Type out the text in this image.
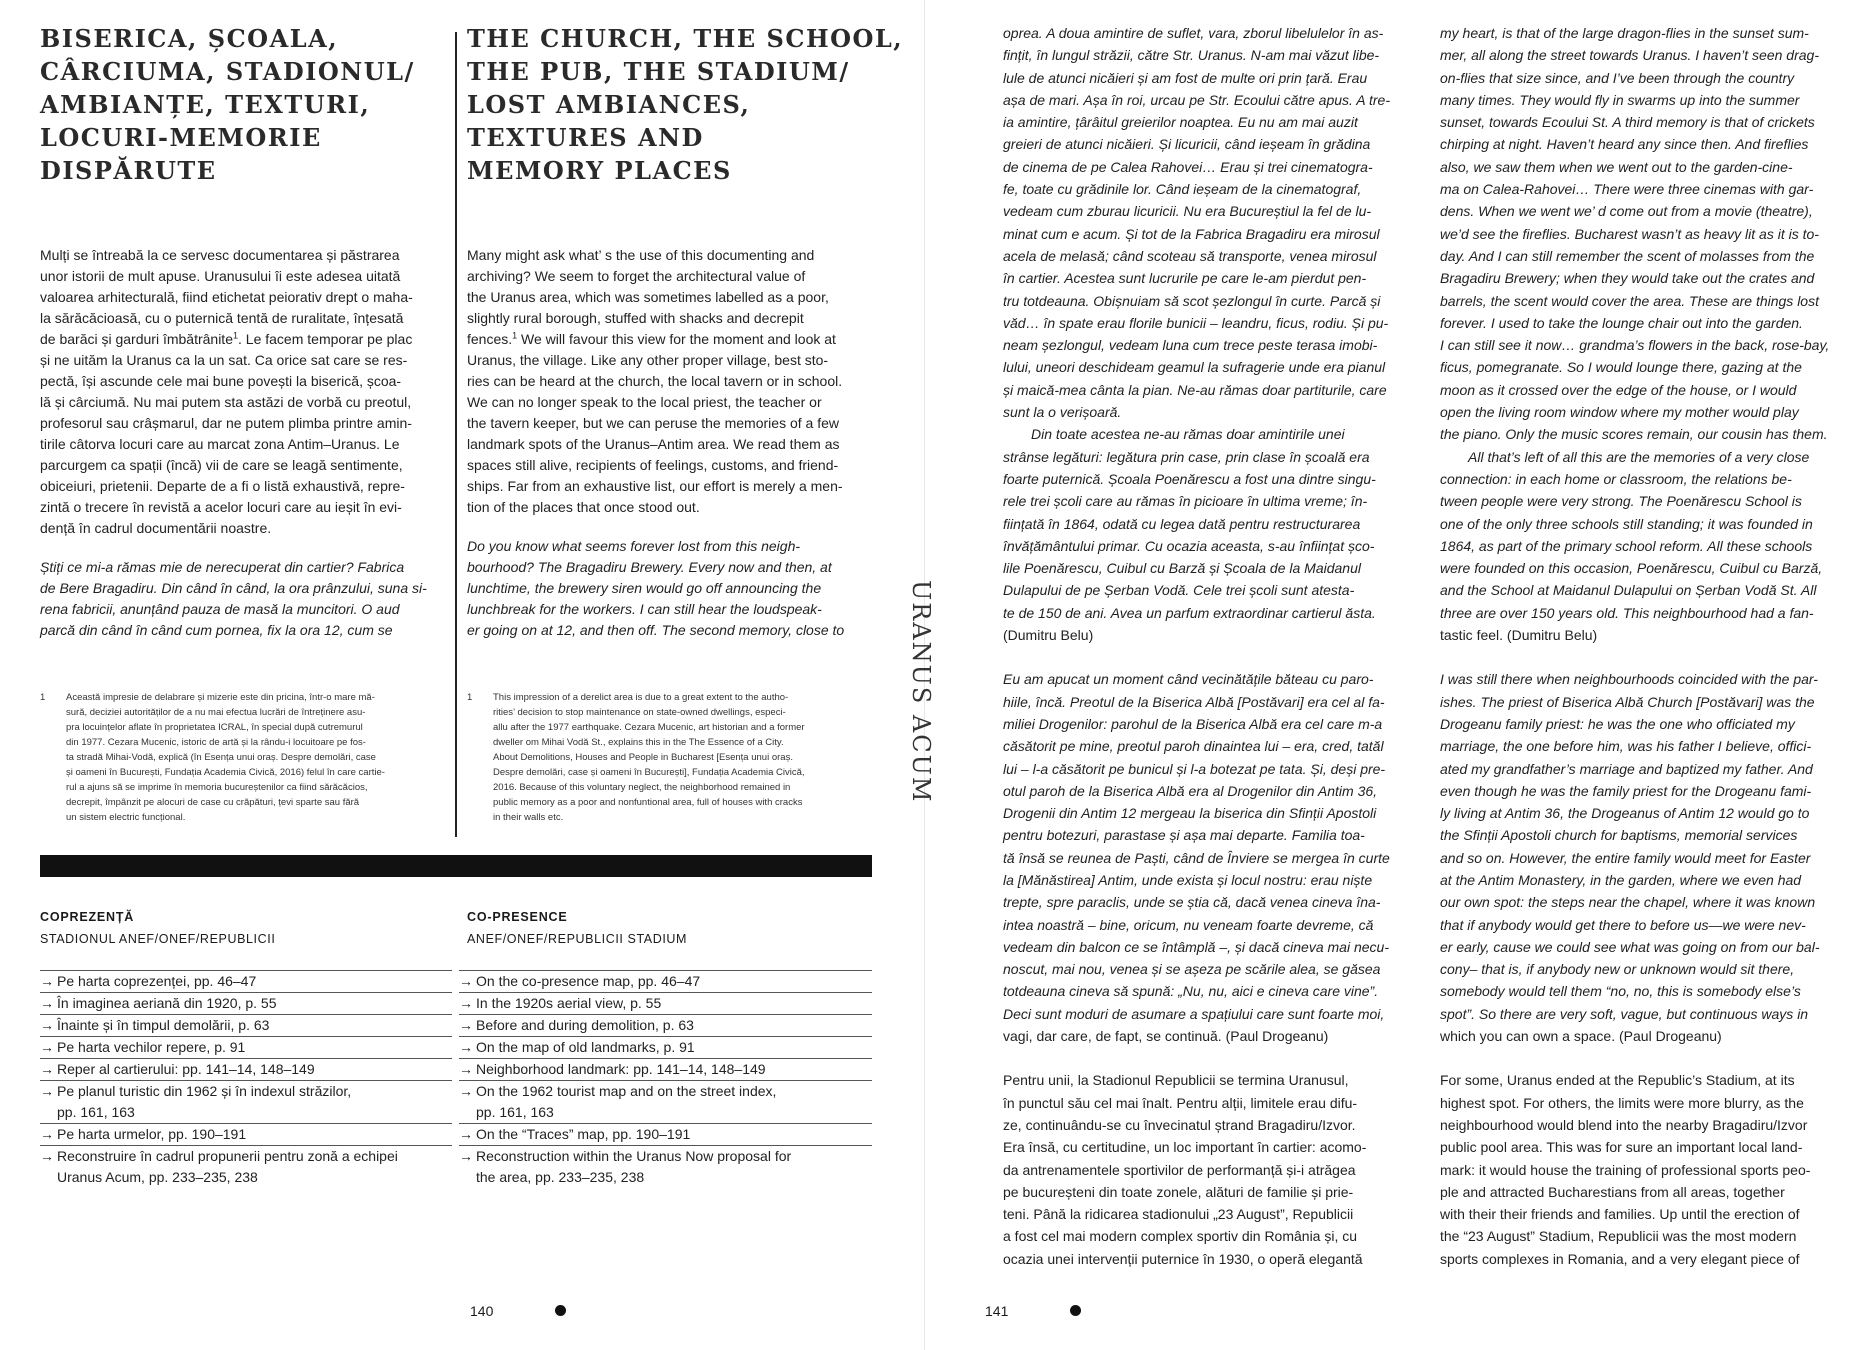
BISERICA, ȘCOALA,
CÂRCIUMA, STADIONUL/
AMBIANȚE, TEXTURI,
LOCURI-MEMORIE
DISPĂRUTE
THE CHURCH, THE SCHOOL,
THE PUB, THE STADIUM/
LOST AMBIANCES,
TEXTURES AND
MEMORY PLACES
Mulți se întreabă la ce servesc documentarea și păstrarea
unor istorii de mult apuse. Uranusului îi este adesea uitată
valoarea arhitecturală, fiind etichetat peiorativ drept o maha-
la sărăcăcioasă, cu o puternică tentă de ruralitate, înțesată
de barăci și garduri îmbătrânite$^1$. Le facem temporar pe plac
și ne uităm la Uranus ca la un sat. Ca orice sat care se res-
pectă, își ascunde cele mai bune povești la biserică, școa-
lă și cârciumă. Nu mai putem sta astăzi de vorbă cu preotul,
profesorul sau crâșmarul, dar ne putem plimba printre amin-
tirile câtorva locuri care au marcat zona Antim–Uranus. Le
parcurgem ca spații (încă) vii de care se leagă sentimente,
obiceiuri, prietenii. Departe de a fi o listă exhaustivă, repre-
zintă o trecere în revistă a acelor locuri care au ieșit în evi-
dență în cadrul documentării noastre.
Știți ce mi-a rămas mie de nerecuperat din cartier? Fabrica
de Bere Bragadiru. Din când în când, la ora prânzului, suna si-
rena fabricii, anunțând pauza de masă la muncitori. O aud
parcă din când în când cum pornea, fix la ora 12, cum se
Many might ask what’ s the use of this documenting and
archiving? We seem to forget the architectural value of
the Uranus area, which was sometimes labelled as a poor,
slightly rural borough, stuffed with shacks and decrepit
fences.$^1$ We will favour this view for the moment and look at
Uranus, the village. Like any other proper village, best sto-
ries can be heard at the church, the local tavern or in school.
We can no longer speak to the local priest, the teacher or
the tavern keeper, but we can peruse the memories of a few
landmark spots of the Uranus–Antim area. We read them as
spaces still alive, recipients of feelings, customs, and friend-
ships. Far from an exhaustive list, our effort is merely a men-
tion of the places that once stood out.
Do you know what seems forever lost from this neigh-
bourhood? The Bragadiru Brewery. Every now and then, at
lunchtime, the brewery siren would go off announcing the
lunchbreak for the workers. I can still hear the loudspeak-
er going on at 12, and then off. The second memory, close to
1 Această impresie de delabrare și mizerie este din pricina, într-o mare mă-
sură, deciziei autorităților de a nu mai efectua lucrări de întreținere asu-
pra locuințelor aflate în proprietatea ICRAL, în special după cutremurul
din 1977. Cezara Mucenic, istoric de artă și la rându-i locuitoare pe fos-
ta stradă Mihai-Vodă, explică (în Esența unui oraș. Despre demolări, case
și oameni în București, Fundația Academia Civică, 2016) felul în care cartie-
rul a ajuns să se imprime în memoria bucureștenilor ca fiind sărăcăcios,
decrepit, împânzit pe alocuri de case cu crăpături, țevi sparte sau fără
un sistem electric funcțional.
1 This impression of a derelict area is due to a great extent to the autho-
rities’ decision to stop maintenance on state-owned dwellings, especi-
allu after the 1977 earthquake. Cezara Mucenic, art historian and a former
dweller om Mihai Vodă St., explains this in the The Essence of a City.
About Demolitions, Houses and People in Bucharest [Esența unui oraș.
Despre demolări, case și oameni în București], Fundația Academia Civică,
2016. Because of this voluntary neglect, the neighborhood remained in
public memory as a poor and nonfuntional area, full of houses with cracks
in their walls etc.
COPREZENȚĂ
STADIONUL ANEF/ONEF/REPUBLICII
CO-PRESENCE
ANEF/ONEF/REPUBLICII STADIUM
→ Pe harta coprezenței, pp. 46–47
→ În imaginea aeriană din 1920, p. 55
→ Înainte și în timpul demolării, p. 63
→ Pe harta vechilor repere, p. 91
→ Reper al cartierului: pp. 141–14, 148–149
→ Pe planul turistic din 1962 și în indexul străzilor,
pp. 161, 163
→ Pe harta urmelor, pp. 190–191
→ Reconstruire în cadrul propunerii pentru zonă a echipei
Uranus Acum, pp. 233–235, 238
→ On the co-presence map, pp. 46–47
→ In the 1920s aerial view, p. 55
→ Before and during demolition, p. 63
→ On the map of old landmarks, p. 91
→ Neighborhood landmark: pp. 141–14, 148–149
→ On the 1962 tourist map and on the street index,
pp. 161, 163
→ On the “Traces” map, pp. 190–191
→ Reconstruction within the Uranus Now proposal for
the area, pp. 233–235, 238
140
URANUS ACUM
oprea. A doua amintire de suflet, vara, zborul libelulelor în as-
fințit, în lungul străzii, către Str. Uranus. N-am mai văzut libe-
lule de atunci nicăieri și am fost de multe ori prin țară. Erau
așa de mari. Așa în roi, urcau pe Str. Ecoului către apus. A tre-
ia amintire, țârâitul greierilor noaptea. Eu nu am mai auzit
greieri de atunci nicăieri. Și licuricii, când ieșeam în grădina
de cinema de pe Calea Rahovei… Erau și trei cinematogra-
fe, toate cu grădinile lor. Când ieșeam de la cinematograf,
vedeam cum zburau licuricii. Nu era Bucureștiul la fel de lu-
minat cum e acum. Și tot de la Fabrica Bragadiru era mirosul
acela de melasă; când scoteau să transporte, venea mirosul
în cartier. Acestea sunt lucrurile pe care le-am pierdut pen-
tru totdeauna. Obișnuiam să scot șezlongul în curte. Parcă și
văd… în spate erau florile bunicii – leandru, ficus, rodiu. Și pu-
neam șezlongul, vedeam luna cum trece peste terasa imobi-
lului, uneori deschideam geamul la sufragerie unde era pianul
și maică-mea cânta la pian. Ne-au rămas doar partiturile, care
sunt la o verișoară.
Din toate acestea ne-au rămas doar amintirile unei
strânse legături: legătura prin case, prin clase în școală era
foarte puternică. Școala Poenărescu a fost una dintre singu-
rele trei școli care au rămas în picioare în ultima vreme; în-
ființată în 1864, odată cu legea dată pentru restructurarea
învățământului primar. Cu ocazia aceasta, s-au înființat șco-
lile Poenărescu, Cuibul cu Barză și Școala de la Maidanul
Dulapului de pe Șerban Vodă. Cele trei școli sunt atesta-
te de 150 de ani. Avea un parfum extraordinar cartierul ăsta.
(Dumitru Belu)
Eu am apucat un moment când vecinătățile băteau cu paro-
hiile, încă. Preotul de la Biserica Albă [Postăvari] era cel al fa-
miliei Drogenilor: parohul de la Biserica Albă era cel care m-a
căsătorit pe mine, preotul paroh dinaintea lui – era, cred, tatăl
lui – l-a căsătorit pe bunicul și l-a botezat pe tata. Și, deși pre-
otul paroh de la Biserica Albă era al Drogenilor din Antim 36,
Drogenii din Antim 12 mergeau la biserica din Sfinții Apostoli
pentru botezuri, parastase și așa mai departe. Familia toa-
tă însă se reunea de Paști, când de Înviere se mergea în curte
la [Mănăstirea] Antim, unde exista și locul nostru: erau niște
trepte, spre paraclis, unde se știa că, dacă venea cineva îna-
intea noastră – bine, oricum, nu veneam foarte devreme, că
vedeam din balcon ce se întâmplă –, și dacă cineva mai necu-
noscut, mai nou, venea și se așeza pe scările alea, se găsea
totdeauna cineva să spună: „Nu, nu, aici e cineva care vine”.
Deci sunt moduri de asumare a spațiului care sunt foarte moi,
vagi, dar care, de fapt, se continuă. (Paul Drogeanu)
Pentru unii, la Stadionul Republicii se termina Uranusul,
în punctul său cel mai înalt. Pentru alții, limitele erau difu-
ze, continuându-se cu învecinatul ștrand Bragadiru/Izvor.
Era însă, cu certitudine, un loc important în cartier: acomo-
da antrenamentele sportivilor de performanță și-i atrăgea
pe bucureșteni din toate zonele, alături de familie și prie-
teni. Până la ridicarea stadionului „23 August”, Republicii
a fost cel mai modern complex sportiv din România și, cu
ocazia unei intervenții puternice în 1930, o operă elegantă
my heart, is that of the large dragon-flies in the sunset sum-
mer, all along the street towards Uranus. I haven’t seen drag-
on-flies that size since, and I’ve been through the country
many times. They would fly in swarms up into the summer
sunset, towards Ecoului St. A third memory is that of crickets
chirping at night. Haven’t heard any since then. And fireflies
also, we saw them when we went out to the garden-cine-
ma on Calea-Rahovei… There were three cinemas with gar-
dens. When we went we’ d come out from a movie (theatre),
we’d see the fireflies. Bucharest wasn’t as heavy lit as it is to-
day. And I can still remember the scent of molasses from the
Bragadiru Brewery; when they would take out the crates and
barrels, the scent would cover the area. These are things lost
forever. I used to take the lounge chair out into the garden.
I can still see it now… grandma’s flowers in the back, rose-bay,
ficus, pomegranate. So I would lounge there, gazing at the
moon as it crossed over the edge of the house, or I would
open the living room window where my mother would play
the piano. Only the music scores remain, our cousin has them.
All that’s left of all this are the memories of a very close
connection: in each home or classroom, the relations be-
tween people were very strong. The Poenărescu School is
one of the only three schools still standing; it was founded in
1864, as part of the primary school reform. All these schools
were founded on this occasion, Poenărescu, Cuibul cu Barză,
and the School at Maidanul Dulapului on Șerban Vodă St. All
three are over 150 years old. This neighbourhood had a fan-
tastic feel. (Dumitru Belu)
I was still there when neighbourhoods coincided with the par-
ishes. The priest of Biserica Albă Church [Postăvari] was the
Drogeanu family priest: he was the one who officiated my
marriage, the one before him, was his father I believe, offici-
ated my grandfather’s marriage and baptized my father. And
even though he was the family priest for the Drogeanu fami-
ly living at Antim 36, the Drogeanus of Antim 12 would go to
the Sfinții Apostoli church for baptisms, memorial services
and so on. However, the entire family would meet for Easter
at the Antim Monastery, in the garden, where we even had
our own spot: the steps near the chapel, where it was known
that if anybody would get there to before us—we were nev-
er early, cause we could see what was going on from our bal-
cony– that is, if anybody new or unknown would sit there,
somebody would tell them “no, no, this is somebody else’s
spot”. So there are very soft, vague, but continuous ways in
which you can own a space. (Paul Drogeanu)
For some, Uranus ended at the Republic’s Stadium, at its
highest spot. For others, the limits were more blurry, as the
neighbourhood would blend into the nearby Bragadiru/Izvor
public pool area. This was for sure an important local land-
mark: it would house the training of professional sports peo-
ple and attracted Bucharestians from all areas, together
with their their friends and families. Up until the erection of
the “23 August” Stadium, Republicii was the most modern
sports complexes in Romania, and a very elegant piece of
141
